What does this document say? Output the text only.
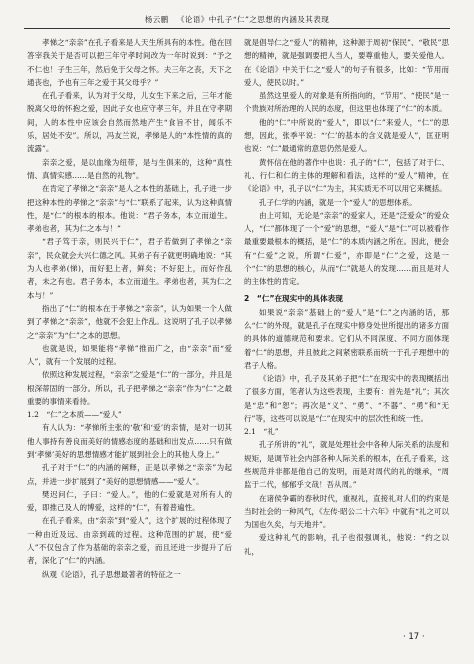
杨云鹏  《论语》中孔子“仁”之思想的内涵及其表现

孝悌之“亲亲”在孔子看来是人天生所具有的本性。他在回答宰我关于是否可以把三年守孝时间改为一年时说到：“予之不仁也！子生三年，然后免于父母之怀。夫三年之丧，天下之通丧也，予也有三年之爱于其父母乎？”

在孔子看来，认为对于父母，儿女生下来之后，三年才能脱离父母的怀抱之爱，因此子女也应守孝三年，并且在守孝期间，人的本性中应该会自然而然地产生“食旨不甘，闻乐不乐，居处不安”。所以，冯友兰说，孝悌是人的“本性情的真的流露”。

亲亲之爱，是以血缘为纽带，是与生俱来的，这种“真性情、真情实感……是自然的礼物”。

在肯定了孝悌之“亲亲”是人之本性的基础上，孔子进一步把这种本性的孝悌之“亲亲”与“仁”联系了起来，认为这种真情性，是“仁”的根本的根本。他说：“君子务本，本立而道生。孝弟也者，其为仁之本与！”

“君子笃于亲，则民兴于仁”，君子若做到了孝悌之“亲亲”，民众就会大兴仁德之风。其弟子有子就更明确地说：“其为人也孝弟(悌)，而好犯上者，鲜矣；不好犯上，而好作乱者，未之有也。君子务本，本立而道生。孝弟也者，其为仁之本与！”

指出了“仁”的根本在于孝悌之“亲亲”，认为如果一个人做到了孝悌之“亲亲”，他就不会犯上作乱。这说明了孔子以孝悌之“亲亲”为“仁”之本的思想。

也就是说，如果能将“孝悌”推而广之，由“亲亲”而“爱人”，就有一个发展的过程。

依照这种发展过程，“亲亲”之爱是“仁”的一部分，并且是根深蒂固的一部分。所以，孔子把孝悌之“亲亲”作为“仁”之最重要的事情来看待。

1.2　“仁”之本质——“爱人”

有人认为：“孝悌所主张的‘敬’和‘爱’的亲情，是对一切其他人事持有善良而美好的情感态度的基础和出发点……只有做到‘孝悌’美好的思想情感才能扩展到社会上的其他人身上。”

孔子对于“仁”的内涵的阐释，正是以孝悌之“亲亲”为起点，并进一步扩展到了“美好的思想情感——“爱人”。

樊迟问仁，子曰：“爱人。”，他的仁爱就是对所有人的爱，即推己及人的博爱，这样的“仁”，有着普遍性。

在孔子看来，由“亲亲”到“爱人”，这个扩展的过程体现了一种由近及远、由亲到疏的过程。这种范围的扩展，使“爱人”不仅包含了作为基础的亲亲之爱，而且还进一步提升了后者，深化了“仁”的内涵。

纵观《论语》，孔子思想最著者的特征之一

就是倡导仁之“爱人”的精神，这种源于周初“保民”、“敬民”思想的精神，就是强调要把人当人，要尊重他人，要关爱他人。在《论语》中关于仁之“爱人”的句子有很多，比如：“节用而爱人，使民以时。”

虽然这里爱人的对象是有所指向的，“节用”、“使民”是一个贵族对所治理的人民的态度，但这里也体现了“仁”的本质。

他的“仁”中所说的“爱人”，即以“仁”来爱人，“仁”的思想，因此，张季平说：“‘仁’的基本的含义就是爱人”，匡亚明也说：“仁”最通常的意思仍然是爱人。

黄怀信在他的著作中也说：孔子的“仁”，包括了对于仁、礼、行仁和仁的主体的理解和看法，这样的“爱人”精神，在《论语》中，孔子以“仁”为主，其实质无不可以用它来概括。

孔子仁学的内涵，就是一个“爱人”的思想体系。

由上可知，无论是“亲亲”的爱家人，还是“泛爱众”的爱众人，“仁”都体现了一个“爱”的思想，“爱人”是“仁”可以被看作最重要最根本的概括，是“仁”的本质内涵之所在。因此，便会有“仁爱”之说，所谓“仁爱”，亦即是“仁”之爱，这是一个“仁”的思想的核心，从而“仁”就是人的发现……而且是对人的主体性的肯定。

2　“仁”在现实中的具体表现

如果说“亲亲”基础上的“爱人”是“仁”之内涵的话，那么“仁”的外现，就是孔子在现实中修身处世所提出的诸多方面的具体的道德规范和要求。它们从不同深度、不同方面体现着“仁”的思想，并且彼此之间紧密联系而统一于孔子理想中的君子人格。

《论语》中，孔子及其弟子把“仁”在现实中的表现概括出了很多方面，笔者认为这些表现，主要有：首先是“礼”；其次是“忠”和“恕”；再次是“义”、“勇”、“不器”、“勇”和“无行”等，这些可以说是“仁”在现实中的层次性和统一性。

2.1　“礼”

孔子所讲的“礼”，就是处理社会中各种人际关系的法度和规矩，是调节社会内部各种人际关系的根本，在孔子看来，这些规范并非都是他自己的发明，而是对周代的礼的继承，“周监于二代，郁郁乎文哉！吾从周。”

在诸侯争霸的春秋时代，重视礼，直接礼对人们的约束是当时社会的一种风气，《左传·昭公二十六年》中就有“礼之可以为国也久矣，与天地并”。

爱这种礼气的影响，孔子也很强调礼，他说：“约之以礼，

· 17 ·
